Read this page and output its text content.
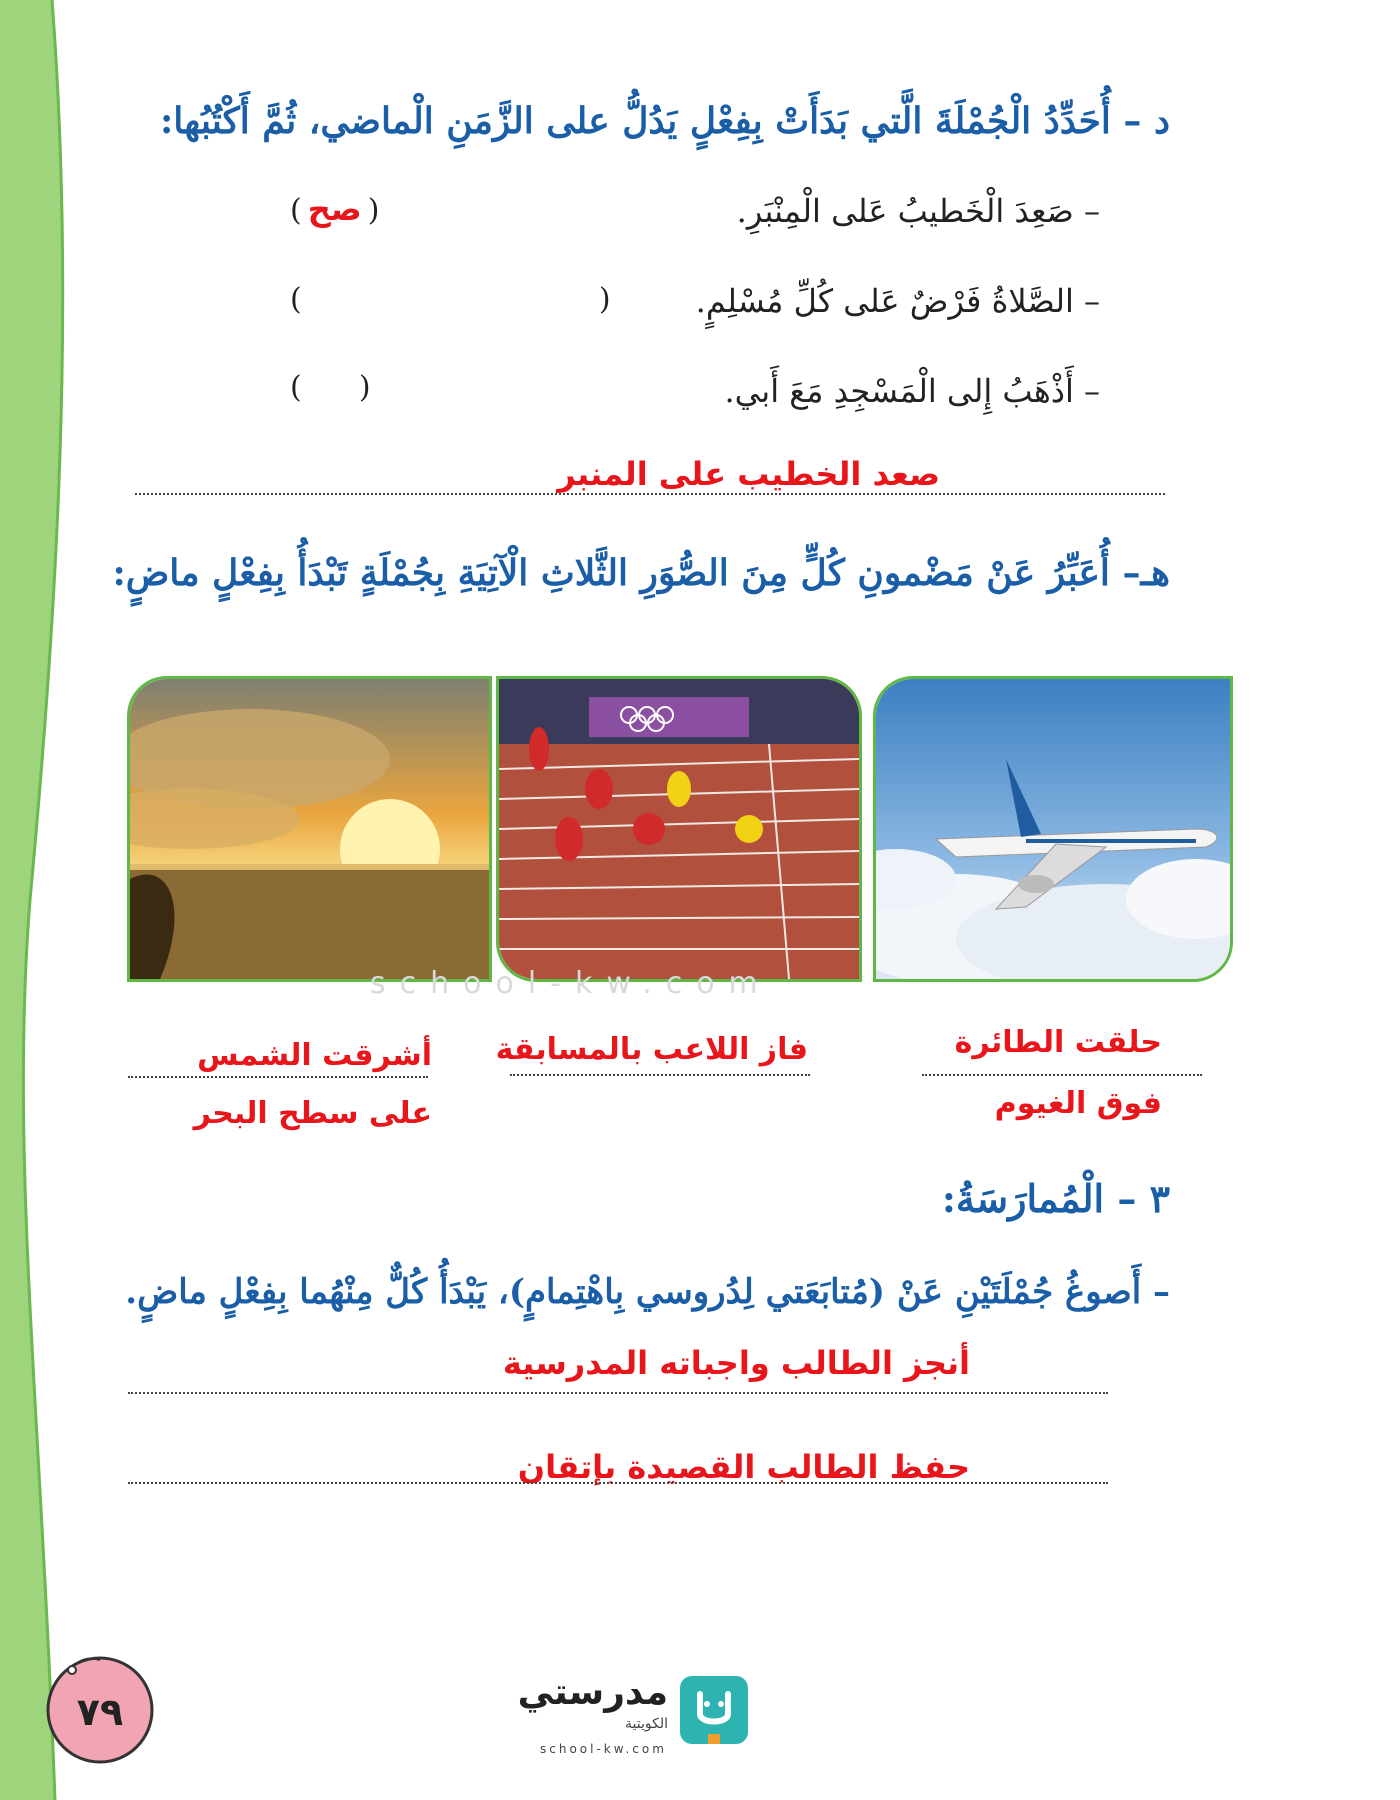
د – أُحَدِّدُ الْجُمْلَةَ الَّتي بَدَأَتْ بِفِعْلٍ يَدُلُّ على الزَّمَنِ الْماضي، ثُمَّ أَكْتُبُها:
– صَعِدَ الْخَطيبُ عَلى الْمِنْبَرِ.
( صح )
– الصَّلاةُ فَرْضٌ عَلى كُلِّ مُسْلِمٍ.
(      )
– أَذْهَبُ إِلى الْمَسْجِدِ مَعَ أَبي.
(      )
صعد الخطيب على المنبر
هـ– أُعَبِّرُ عَنْ مَضْمونِ كُلٍّ مِنَ الصُّوَرِ الثَّلاثِ الْآتِيَةِ بِجُمْلَةٍ تَبْدَأُ بِفِعْلٍ ماضٍ:
school-kw.com
حلقت الطائرة
فوق الغيوم
فاز اللاعب بالمسابقة
أشرقت الشمس
على سطح البحر
٣ – الْمُمارَسَةُ:
– أَصوغُ جُمْلَتَيْنِ عَنْ (مُتابَعَتي لِدُروسي بِاهْتِمامٍ)، يَبْدَأُ كُلٌّ مِنْهُما بِفِعْلٍ ماضٍ.
أنجز الطالب واجباته المدرسية
حفظ الطالب القصيدة بإتقان
٧٩	مدرستي
الكويتية
school-kw.com
